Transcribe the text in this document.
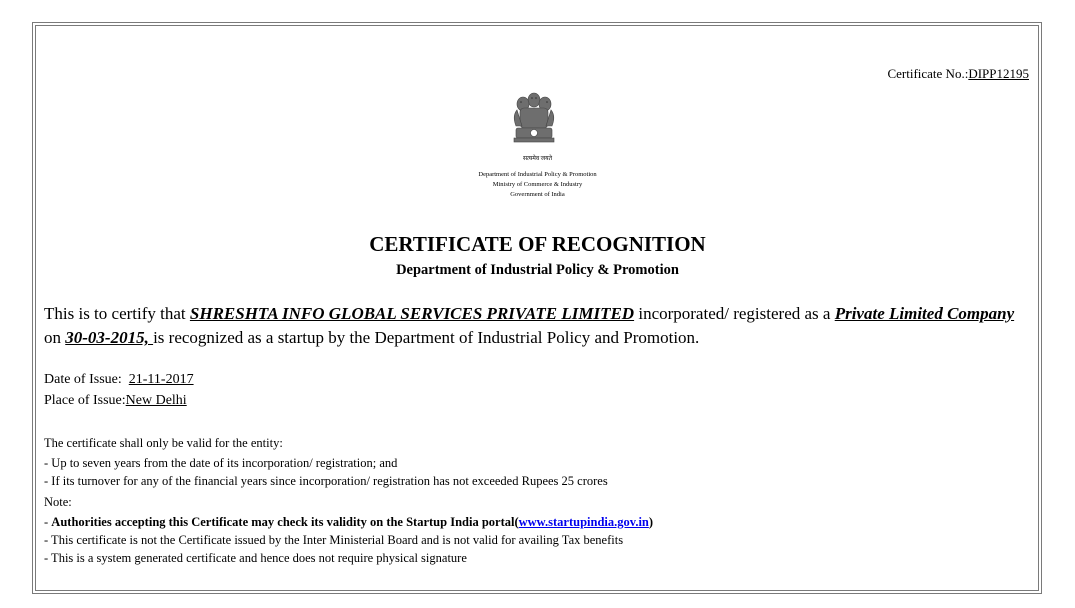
Certificate No.:DIPP12195
सत्यमेव जयते
Department of Industrial Policy & Promotion
Ministry of Commerce & Industry
Government of India
CERTIFICATE OF RECOGNITION
Department of Industrial Policy & Promotion
This is to certify that SHRESHTA INFO GLOBAL SERVICES PRIVATE LIMITED incorporated/ registered as a Private Limited Company on 30-03-2015, is recognized as a startup by the Department of Industrial Policy and Promotion.
Date of Issue:  21-11-2017
Place of Issue:New Delhi
The certificate shall only be valid for the entity:
- Up to seven years from the date of its incorporation/ registration; and
- If its turnover for any of the financial years since incorporation/ registration has not exceeded Rupees 25 crores
Note:
- Authorities accepting this Certificate may check its validity on the Startup India portal(www.startupindia.gov.in)
- This certificate is not the Certificate issued by the Inter Ministerial Board and is not valid for availing Tax benefits
- This is a system generated certificate and hence does not require physical signature
